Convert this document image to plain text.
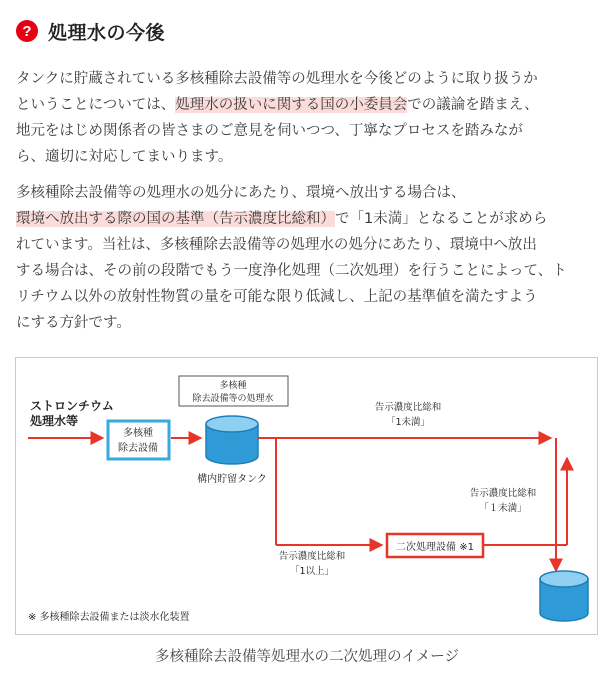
? 処理水の今後

タンクに貯蔵されている多核種除去設備等の処理水を今後どのように取り扱うか

ということについては、処理水の扱いに関する国の小委員会での議論を踏まえ、

地元をはじめ関係者の皆さまのご意見を伺いつつ、丁寧なプロセスを踏みなが

ら、適切に対応してまいります。

多核種除去設備等の処理水の処分にあたり、環境へ放出する場合は、

環境へ放出する際の国の基準（告示濃度比総和）で「1未満」となることが求めら

れています。当社は、多核種除去設備等の処理水の処分にあたり、環境中へ放出

する場合は、その前の段階でもう一度浄化処理（二次処理）を行うことによって、ト

リチウム以外の放射性物質の量を可能な限り低減し、上記の基準値を満たすよう

にする方針です。

ストロンチウム
処理水等
多核種
除去設備
多核種
除去設備等の処理水
構内貯留タンク
告示濃度比総和
「1未満」
二次処理設備 ※1
告示濃度比総和
「1以上」
告示濃度比総和
「１未満」
※ 多核種除去設備または淡水化装置
多核種除去設備等処理水の二次処理のイメージ
